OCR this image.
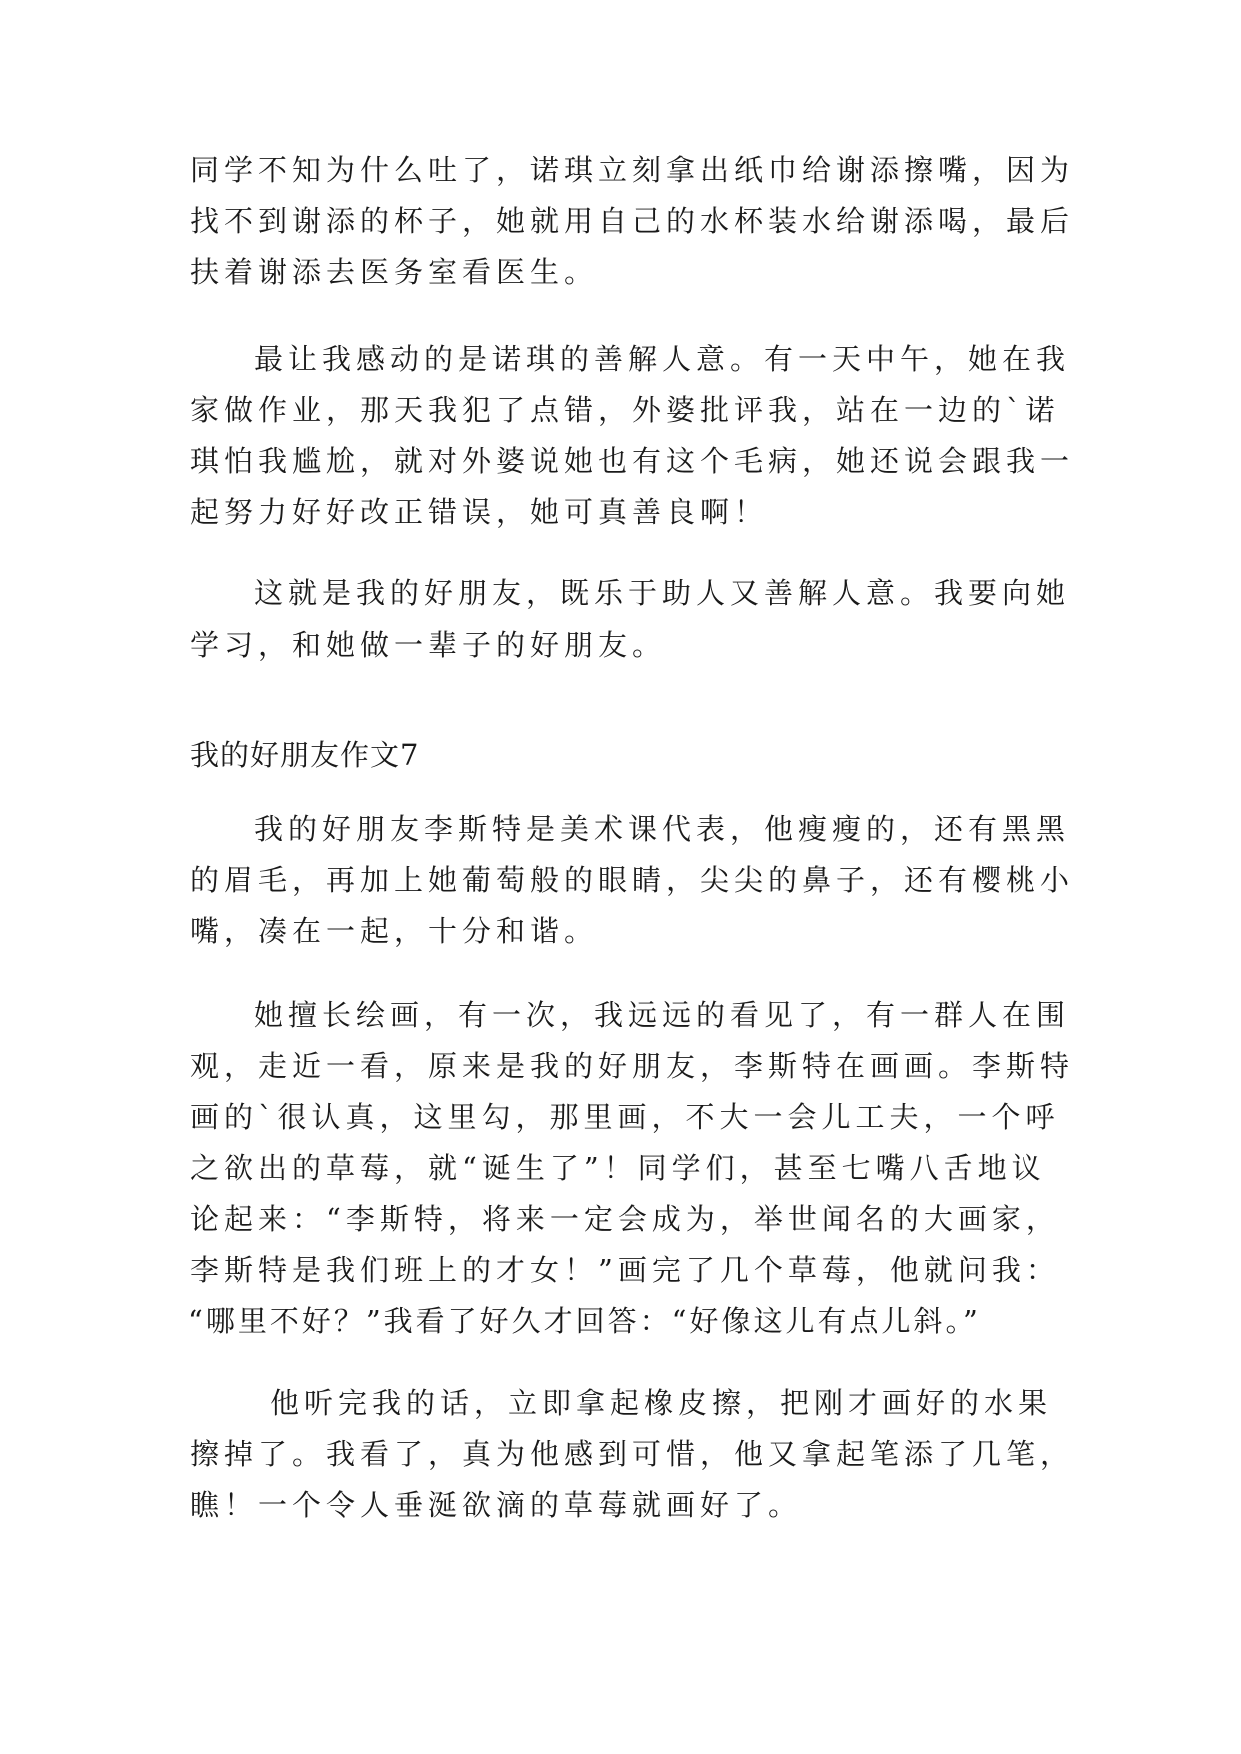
同学不知为什么吐了，诺琪立刻拿出纸巾给谢添擦嘴，因为

找不到谢添的杯子，她就用自己的水杯装水给谢添喝，最后

扶着谢添去医务室看医生。

最让我感动的是诺琪的善解人意。有一天中午，她在我

家做作业，那天我犯了点错，外婆批评我，站在一边的`诺

琪怕我尴尬，就对外婆说她也有这个毛病，她还说会跟我一

起努力好好改正错误，她可真善良啊！

这就是我的好朋友，既乐于助人又善解人意。我要向她

学习，和她做一辈子的好朋友。

我的好朋友作文7

我的好朋友李斯特是美术课代表，他瘦瘦的，还有黑黑

的眉毛，再加上她葡萄般的眼睛，尖尖的鼻子，还有樱桃小

嘴，凑在一起，十分和谐。

她擅长绘画，有一次，我远远的看见了，有一群人在围

观，走近一看，原来是我的好朋友，李斯特在画画。李斯特

画的`很认真，这里勾，那里画，不大一会儿工夫，一个呼

之欲出的草莓，就“诞生了”！同学们，甚至七嘴八舌地议

论起来：“李斯特，将来一定会成为，举世闻名的大画家，

李斯特是我们班上的才女！”画完了几个草莓，他就问我：

“哪里不好？”我看了好久才回答：“好像这儿有点儿斜。”

他听完我的话，立即拿起橡皮擦，把刚才画好的水果

擦掉了。我看了，真为他感到可惜，他又拿起笔添了几笔，

瞧！一个令人垂涎欲滴的草莓就画好了。
